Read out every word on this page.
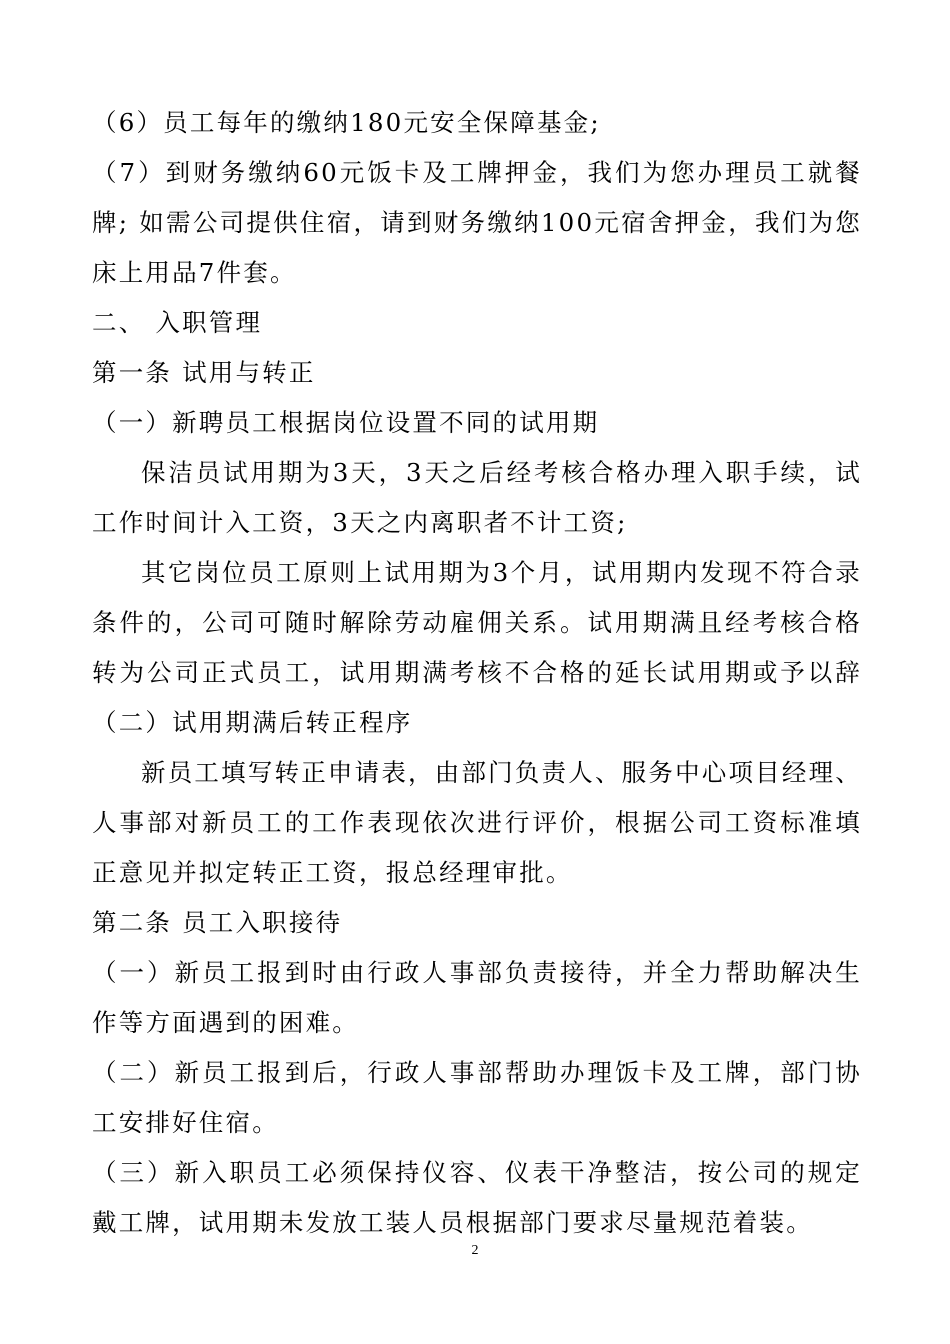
（6）员工每年的缴纳180元安全保障基金;
（7）到财务缴纳60元饭卡及工牌押金，我们为您办理员工就餐
牌; 如需公司提供住宿，请到财务缴纳100元宿舍押金，我们为您
床上用品7件套。
二、 入职管理
第一条 试用与转正
（一）新聘员工根据岗位设置不同的试用期
保洁员试用期为3天，3天之后经考核合格办理入职手续，试
工作时间计入工资，3天之内离职者不计工资;
其它岗位员工原则上试用期为3个月，试用期内发现不符合录
条件的，公司可随时解除劳动雇佣关系。试用期满且经考核合格
转为公司正式员工，试用期满考核不合格的延长试用期或予以辞
（二）试用期满后转正程序
新员工填写转正申请表，由部门负责人、服务中心项目经理、
人事部对新员工的工作表现依次进行评价，根据公司工资标准填
正意见并拟定转正工资，报总经理审批。
第二条 员工入职接待
（一）新员工报到时由行政人事部负责接待，并全力帮助解决生
作等方面遇到的困难。
（二）新员工报到后，行政人事部帮助办理饭卡及工牌，部门协
工安排好住宿。
（三）新入职员工必须保持仪容、仪表干净整洁，按公司的规定
戴工牌，试用期未发放工装人员根据部门要求尽量规范着装。
2
